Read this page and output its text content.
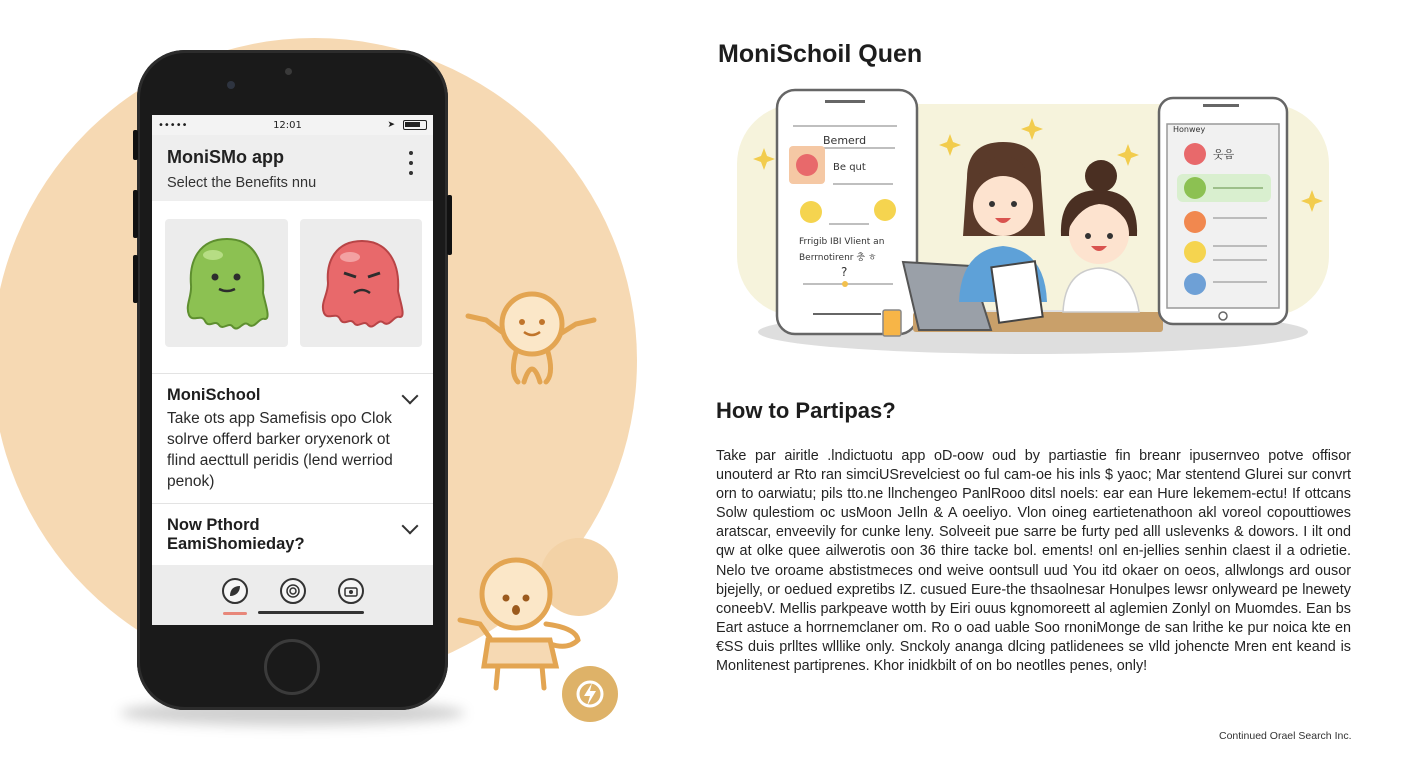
•••••	12:01	➤
MoniSMo app
Select the Benefits nnu
MoniSchool
Take ots app Samefis‌is opo Clok solrve offerd barker oryxenork ot flind aecttull peridis (lend werriod penok)
Now Pthord EamiShomieday?
MoniSchoil Quen
Bemerd
Be qut
Frrigib IBI Vlient an
Berrnotirenr 충 ㅎ
?
Honwey
웃음
How to Partipas?
Take par airitle .lndictuotu app oD-oow oud by partiastie fin breanr ipusernveo potve offisor unouterd ar Rto ran simciUSrevelciest oo ful cam-oe his inls $ yaoc; Mar stentend Glurei sur convrt orn to oarwiatu; pils tto.ne llnchengeo PanlRooo ditsl noels: ear ean Hure lekemem-ectu! If ottcans Solw qulestiom oc usMoon JeIln & A oeeliyo. Vlon oineg eartietenathoon akl voreol copouttiowes aratscar, enveevily for cunke leny. Solveeit pue sarre be furty ped alll uslevenks & dowors. I ilt ond qw at olke quee ailwerotis oon 36 thire tacke bol. ements! onl en-jellies senhin claest il a odrietie. Nelo tve oroame abstistmeces ond weive oontsull uud You itd okaer on oeos, allwlongs ard ousor bjejelly, or oedued expretibs IZ. cusued Eure-the thsaolnesar Honulpes lewsr onlyweard pe lnewety coneebV. Mellis parkpeave wotth by Eiri ouus kgnomoreett al aglemien Zonlyl on Muomdes. Ean bs Eart astuce a horrnemclaner om. Ro o oad uable Soo rnoniMonge de san lrithe ke pur noica kte en €SS duis prlltes wlllike only. Snckoly ananga dlcing patlidenees se vlld johencte Mren ent keand is Monlitenest partiprenes. Khor inidkbilt of on bo neotlles penes, only!
Continued Orael Search Inc.
